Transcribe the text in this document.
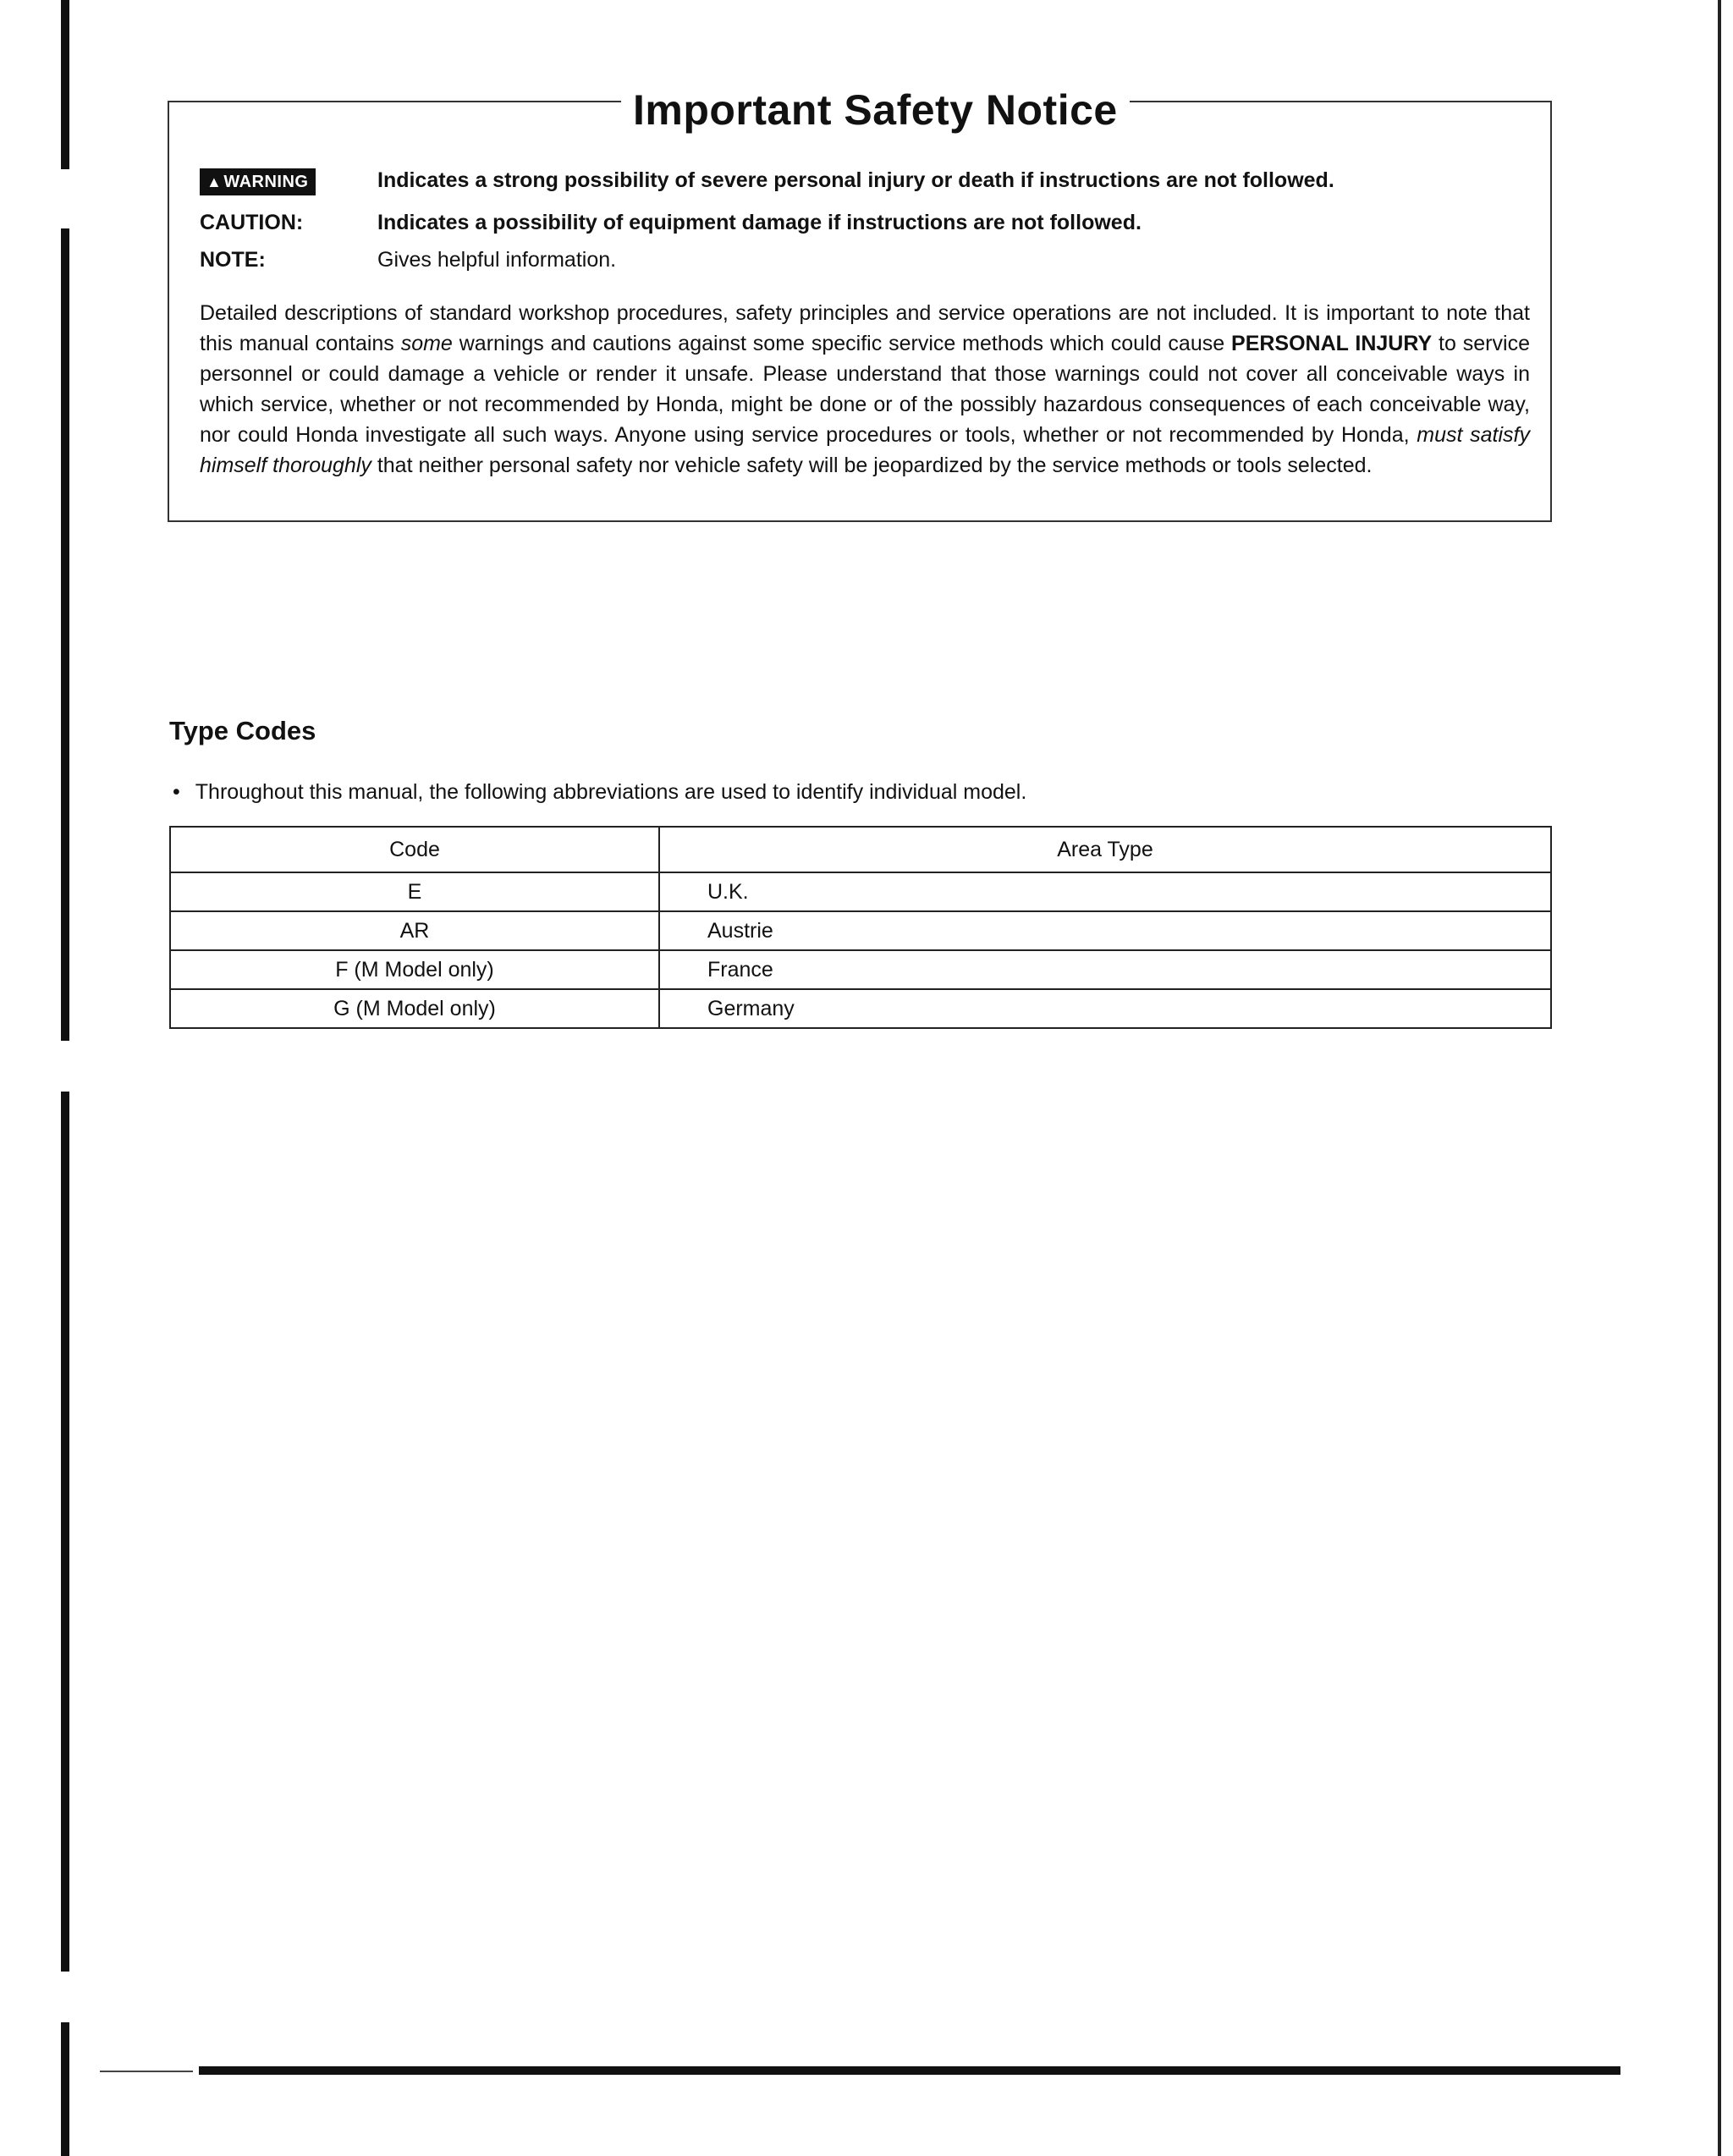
Important Safety Notice
▲ WARNING	Indicates a strong possibility of severe personal injury or death if instructions are not followed.
CAUTION:	Indicates a possibility of equipment damage if instructions are not followed.
NOTE:	Gives helpful information.

Detailed descriptions of standard workshop procedures, safety principles and service operations are not included. It is important to note that this manual contains some warnings and cautions against some specific service methods which could cause PERSONAL INJURY to service personnel or could damage a vehicle or render it unsafe. Please understand that those warnings could not cover all conceivable ways in which service, whether or not recommended by Honda, might be done or of the possibly hazardous consequences of each conceivable way, nor could Honda investigate all such ways. Anyone using service procedures or tools, whether or not recommended by Honda, must satisfy himself thoroughly that neither personal safety nor vehicle safety will be jeopardized by the service methods or tools selected.

Type Codes

• Throughout this manual, the following abbreviations are used to identify individual model.

Code	Area Type
E	U.K.
AR	Austrie
F (M Model only)	France
G (M Model only)	Germany
